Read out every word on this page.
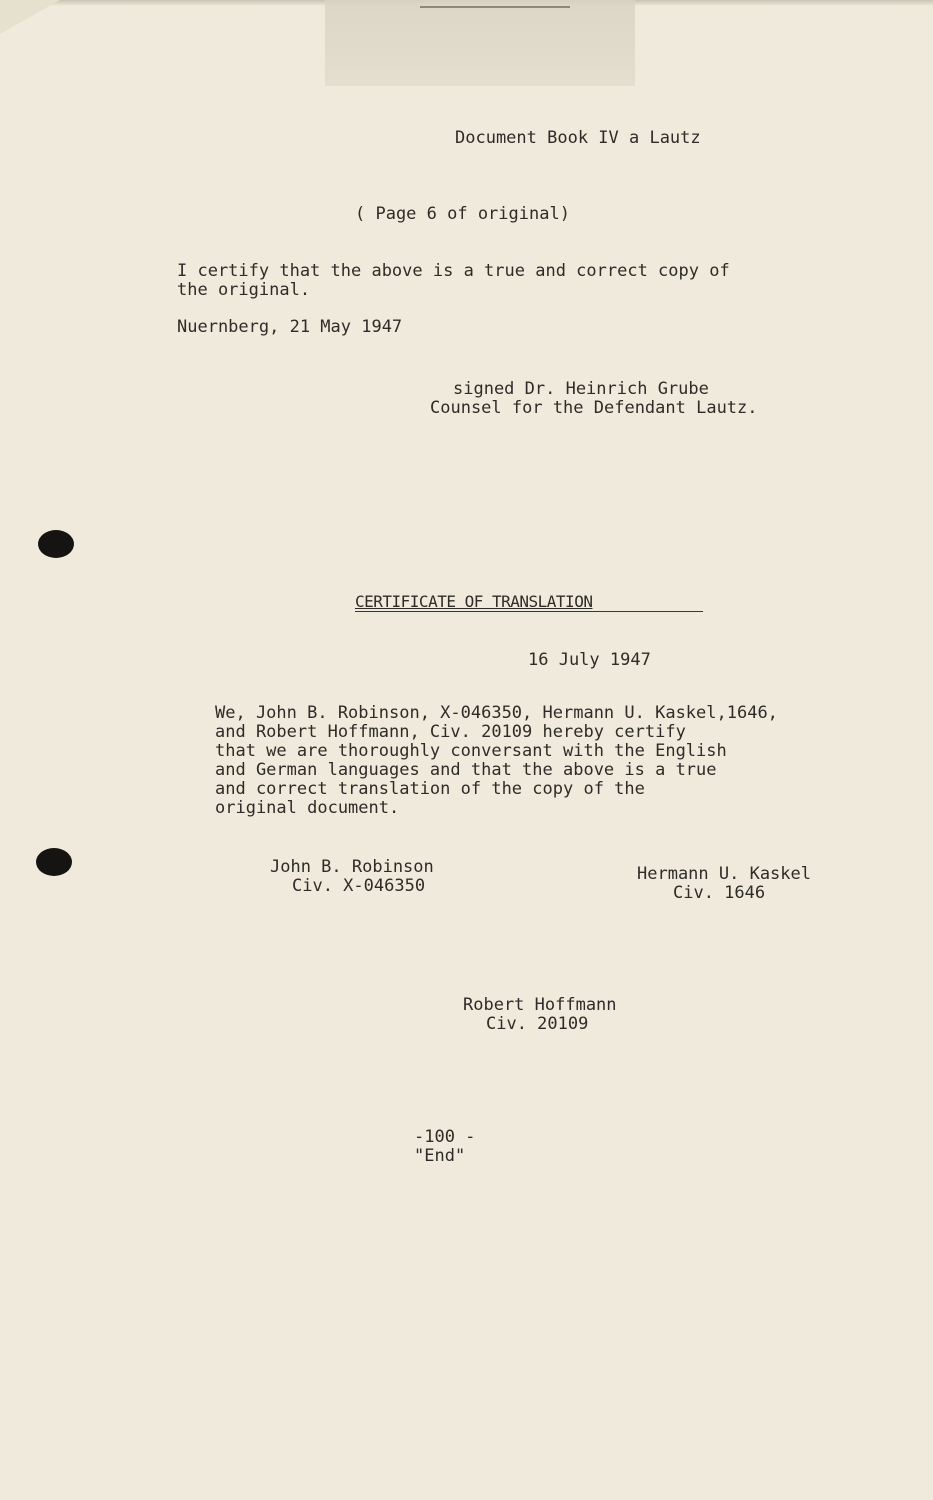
Document Book IV a Lautz
( Page 6 of original)
I certify that the above is a true and correct copy of
the original.
Nuernberg, 21 May 1947
signed Dr. Heinrich Grube
Counsel for the Defendant Lautz.
CERTIFICATE OF TRANSLATION
16 July 1947
We, John B. Robinson, X-046350, Hermann U. Kaskel,1646,
and Robert Hoffmann, Civ. 20109 hereby certify
that we are thoroughly conversant with the English
and German languages and that the above is a true
and correct translation of the copy of the
original document.
John B. Robinson
Civ. X-046350
Hermann U. Kaskel
Civ. 1646
Robert Hoffmann
Civ. 20109
-100 -
"End"
